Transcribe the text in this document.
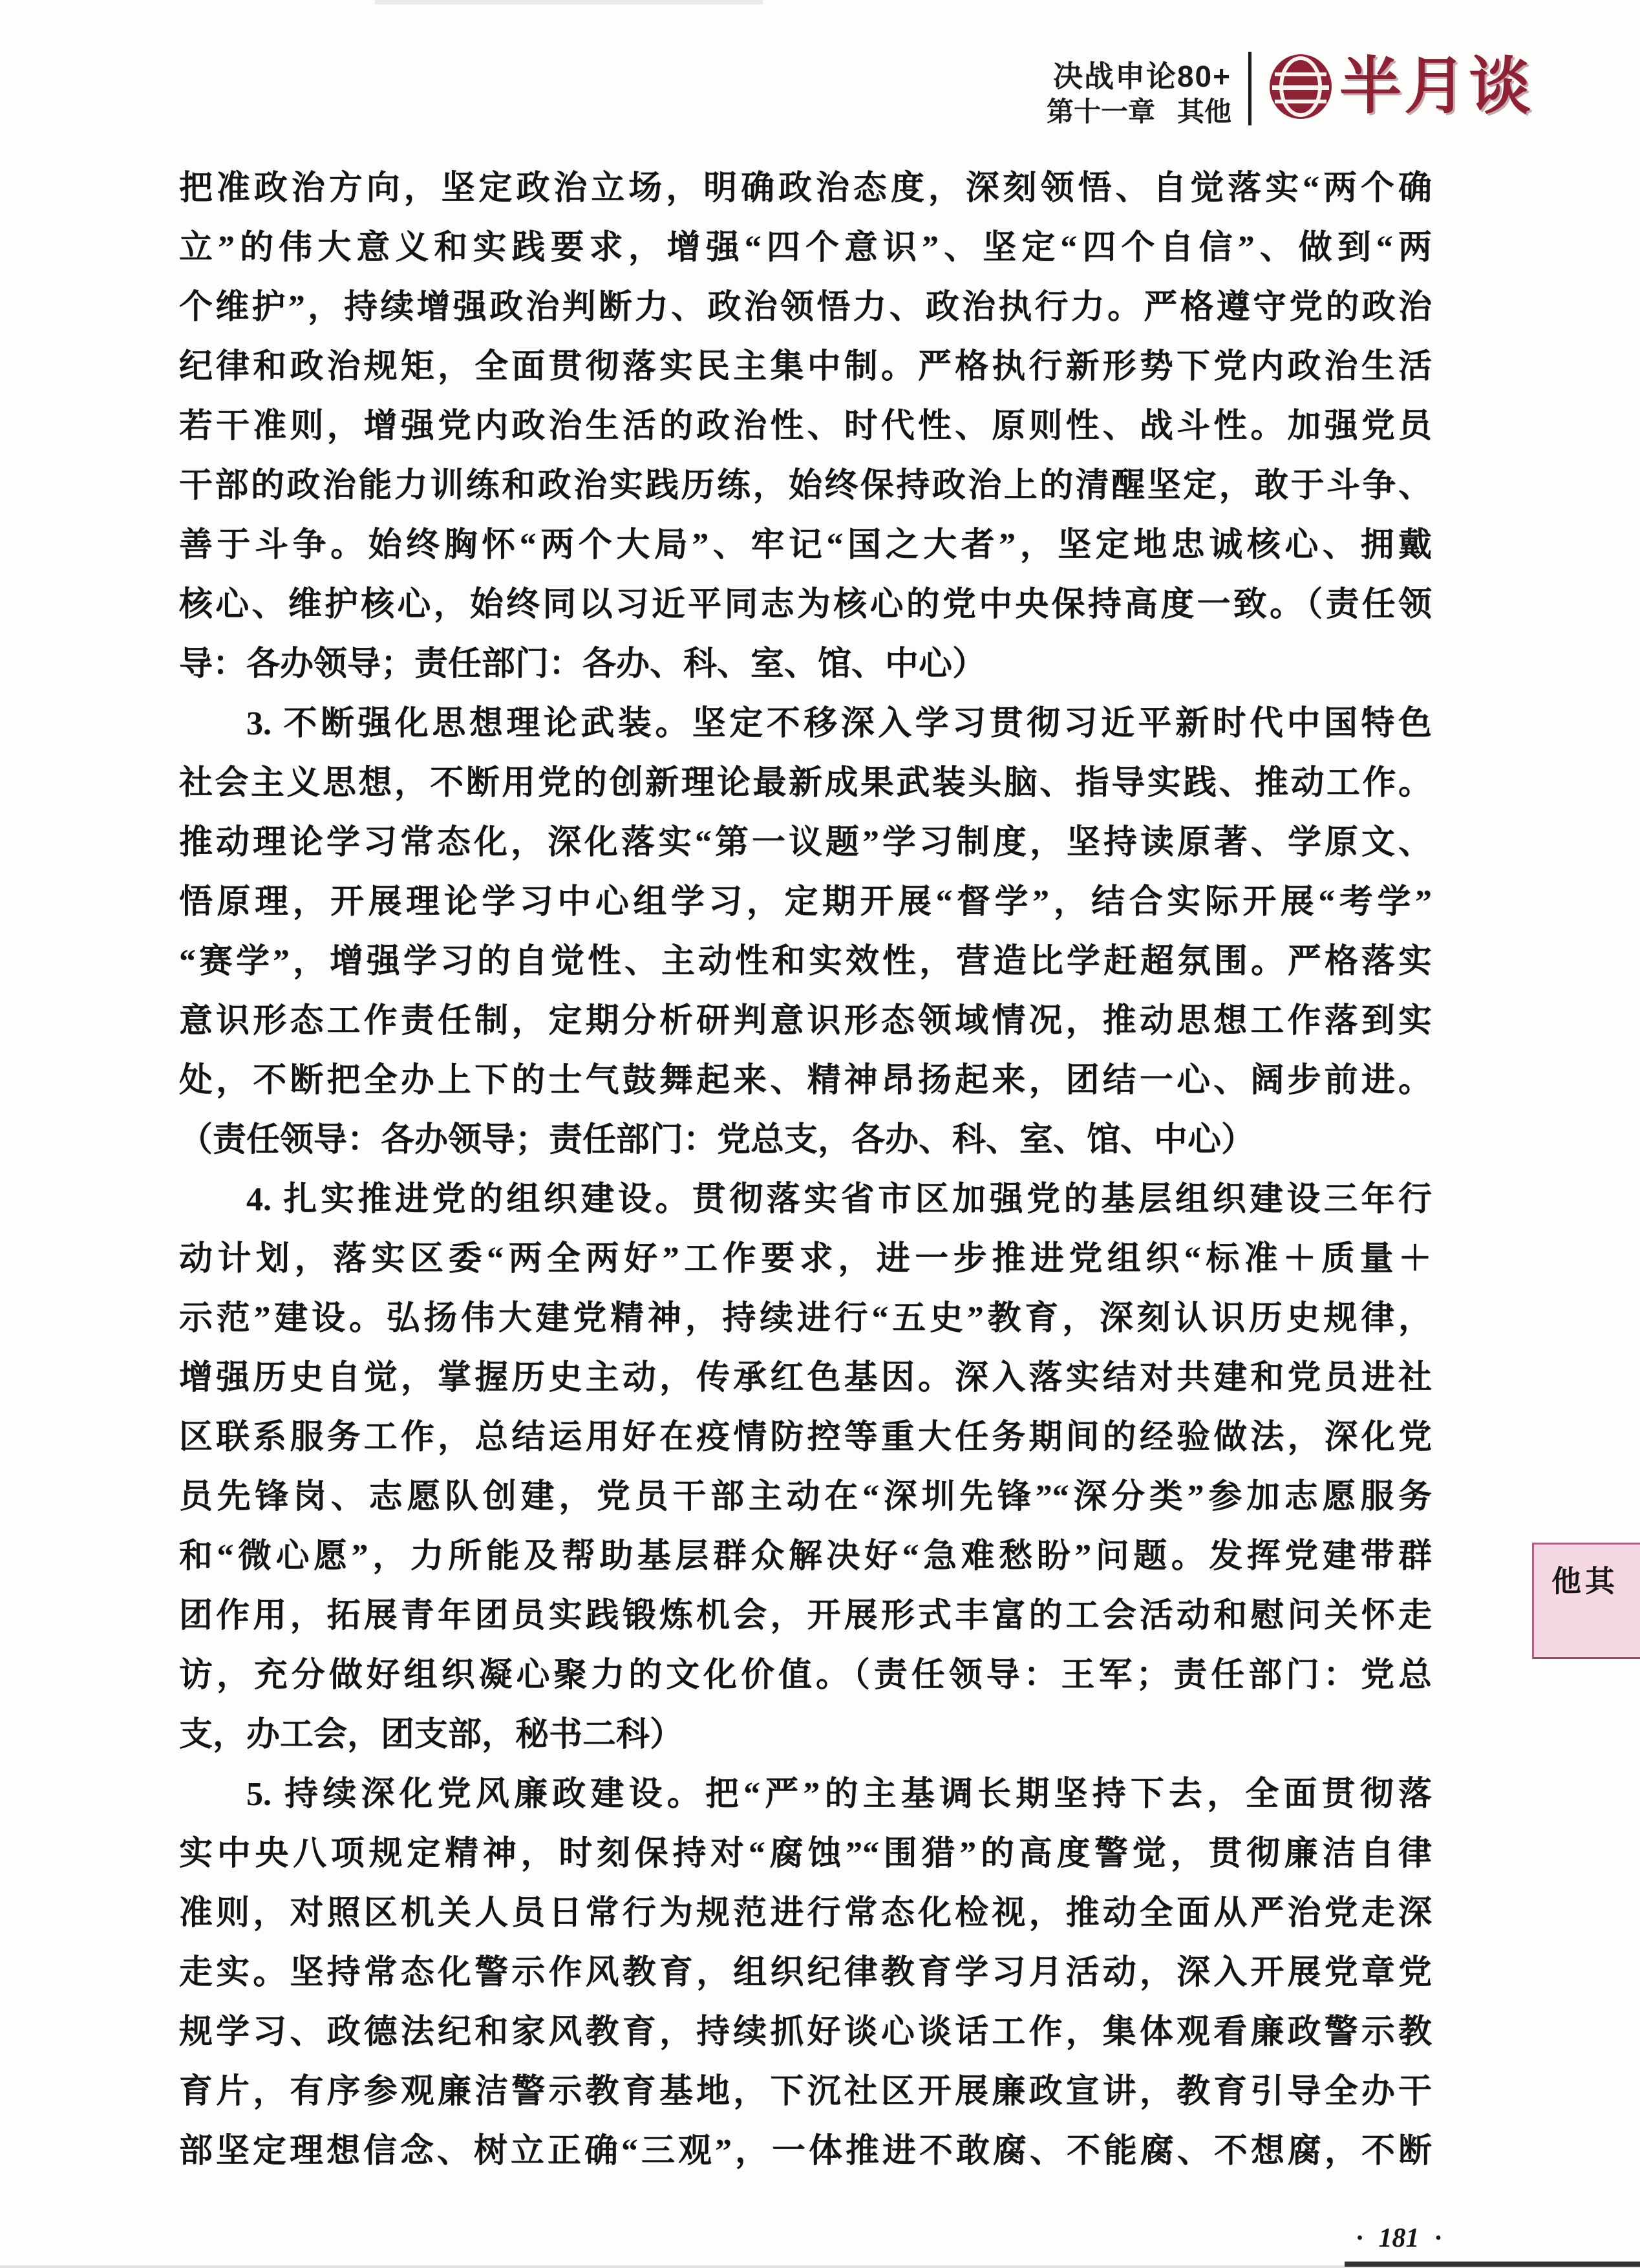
决战申论80+
第十一章 其他 半月谈
把准政治方向，坚定政治立场，明确政治态度，深刻领悟、自觉落实“两个确
立”的伟大意义和实践要求，增强“四个意识”、坚定“四个自信”、做到“两
个维护”，持续增强政治判断力、政治领悟力、政治执行力。严格遵守党的政治
纪律和政治规矩，全面贯彻落实民主集中制。严格执行新形势下党内政治生活
若干准则，增强党内政治生活的政治性、时代性、原则性、战斗性。加强党员
干部的政治能力训练和政治实践历练，始终保持政治上的清醒坚定，敢于斗争、
善于斗争。始终胸怀“两个大局”、牢记“国之大者”，坚定地忠诚核心、拥戴
核心、维护核心，始终同以习近平同志为核心的党中央保持高度一致。（责任领
导：各办领导；责任部门：各办、科、室、馆、中心）
3. 不断强化思想理论武装。坚定不移深入学习贯彻习近平新时代中国特色
社会主义思想，不断用党的创新理论最新成果武装头脑、指导实践、推动工作。
推动理论学习常态化，深化落实“第一议题”学习制度，坚持读原著、学原文、
悟原理，开展理论学习中心组学习，定期开展“督学”，结合实际开展“考学”
“赛学”，增强学习的自觉性、主动性和实效性，营造比学赶超氛围。严格落实
意识形态工作责任制，定期分析研判意识形态领域情况，推动思想工作落到实
处，不断把全办上下的士气鼓舞起来、精神昂扬起来，团结一心、阔步前进。
（责任领导：各办领导；责任部门：党总支，各办、科、室、馆、中心）
4. 扎实推进党的组织建设。贯彻落实省市区加强党的基层组织建设三年行
动计划，落实区委“两全两好”工作要求，进一步推进党组织“标准＋质量＋
示范”建设。弘扬伟大建党精神，持续进行“五史”教育，深刻认识历史规律，
增强历史自觉，掌握历史主动，传承红色基因。深入落实结对共建和党员进社
区联系服务工作，总结运用好在疫情防控等重大任务期间的经验做法，深化党
员先锋岗、志愿队创建，党员干部主动在“深圳先锋”“深分类”参加志愿服务
和“微心愿”，力所能及帮助基层群众解决好“急难愁盼”问题。发挥党建带群
团作用，拓展青年团员实践锻炼机会，开展形式丰富的工会活动和慰问关怀走
访，充分做好组织凝心聚力的文化价值。（责任领导：王军；责任部门：党总
支，办工会，团支部，秘书二科）
5. 持续深化党风廉政建设。把“严”的主基调长期坚持下去，全面贯彻落
实中央八项规定精神，时刻保持对“腐蚀”“围猎”的高度警觉，贯彻廉洁自律
准则，对照区机关人员日常行为规范进行常态化检视，推动全面从严治党走深
走实。坚持常态化警示作风教育，组织纪律教育学习月活动，深入开展党章党
规学习、政德法纪和家风教育，持续抓好谈心谈话工作，集体观看廉政警示教
育片，有序参观廉洁警示教育基地，下沉社区开展廉政宣讲，教育引导全办干
部坚定理想信念、树立正确“三观”，一体推进不敢腐、不能腐、不想腐，不断
其他
· 181 ·
